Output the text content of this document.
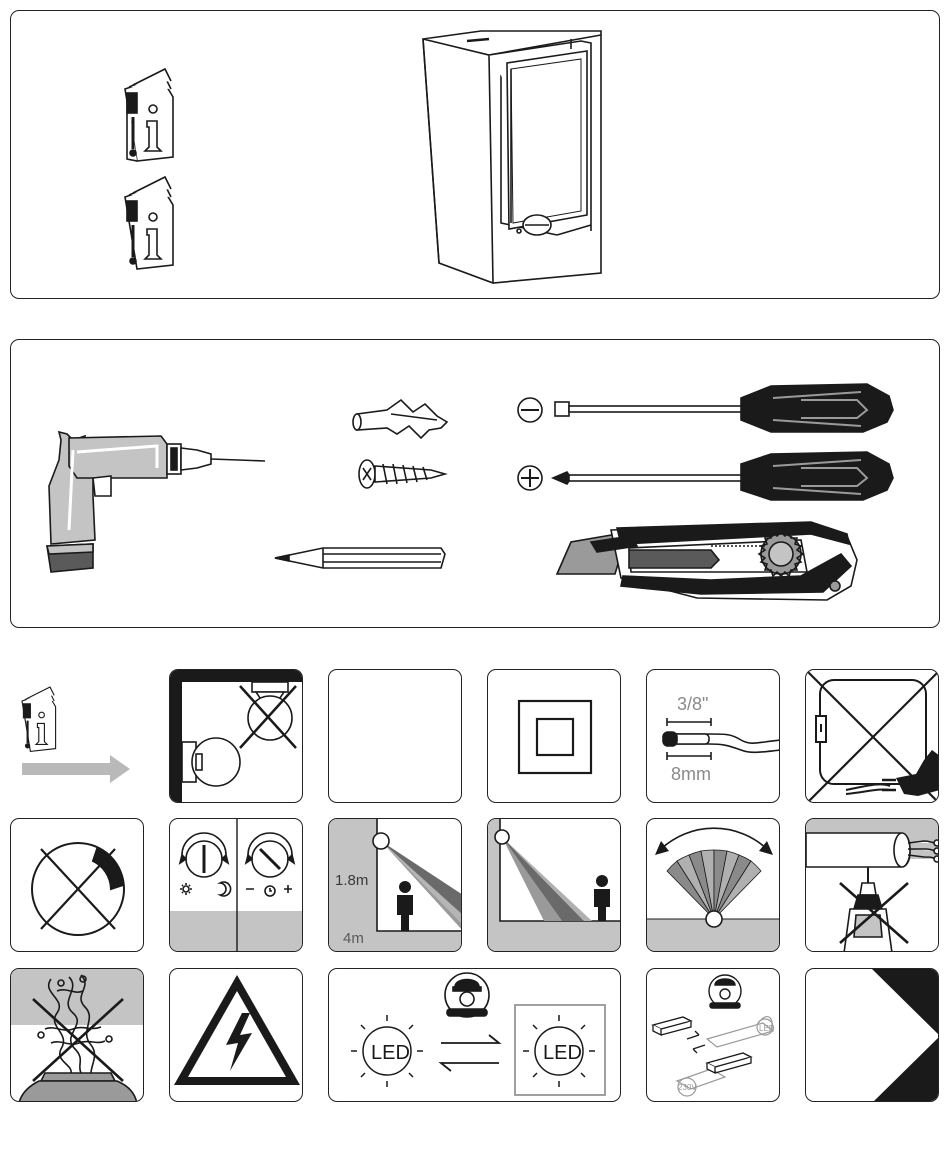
3/8"
8mm
1.8m
4m
LED	LED
LED
230V
